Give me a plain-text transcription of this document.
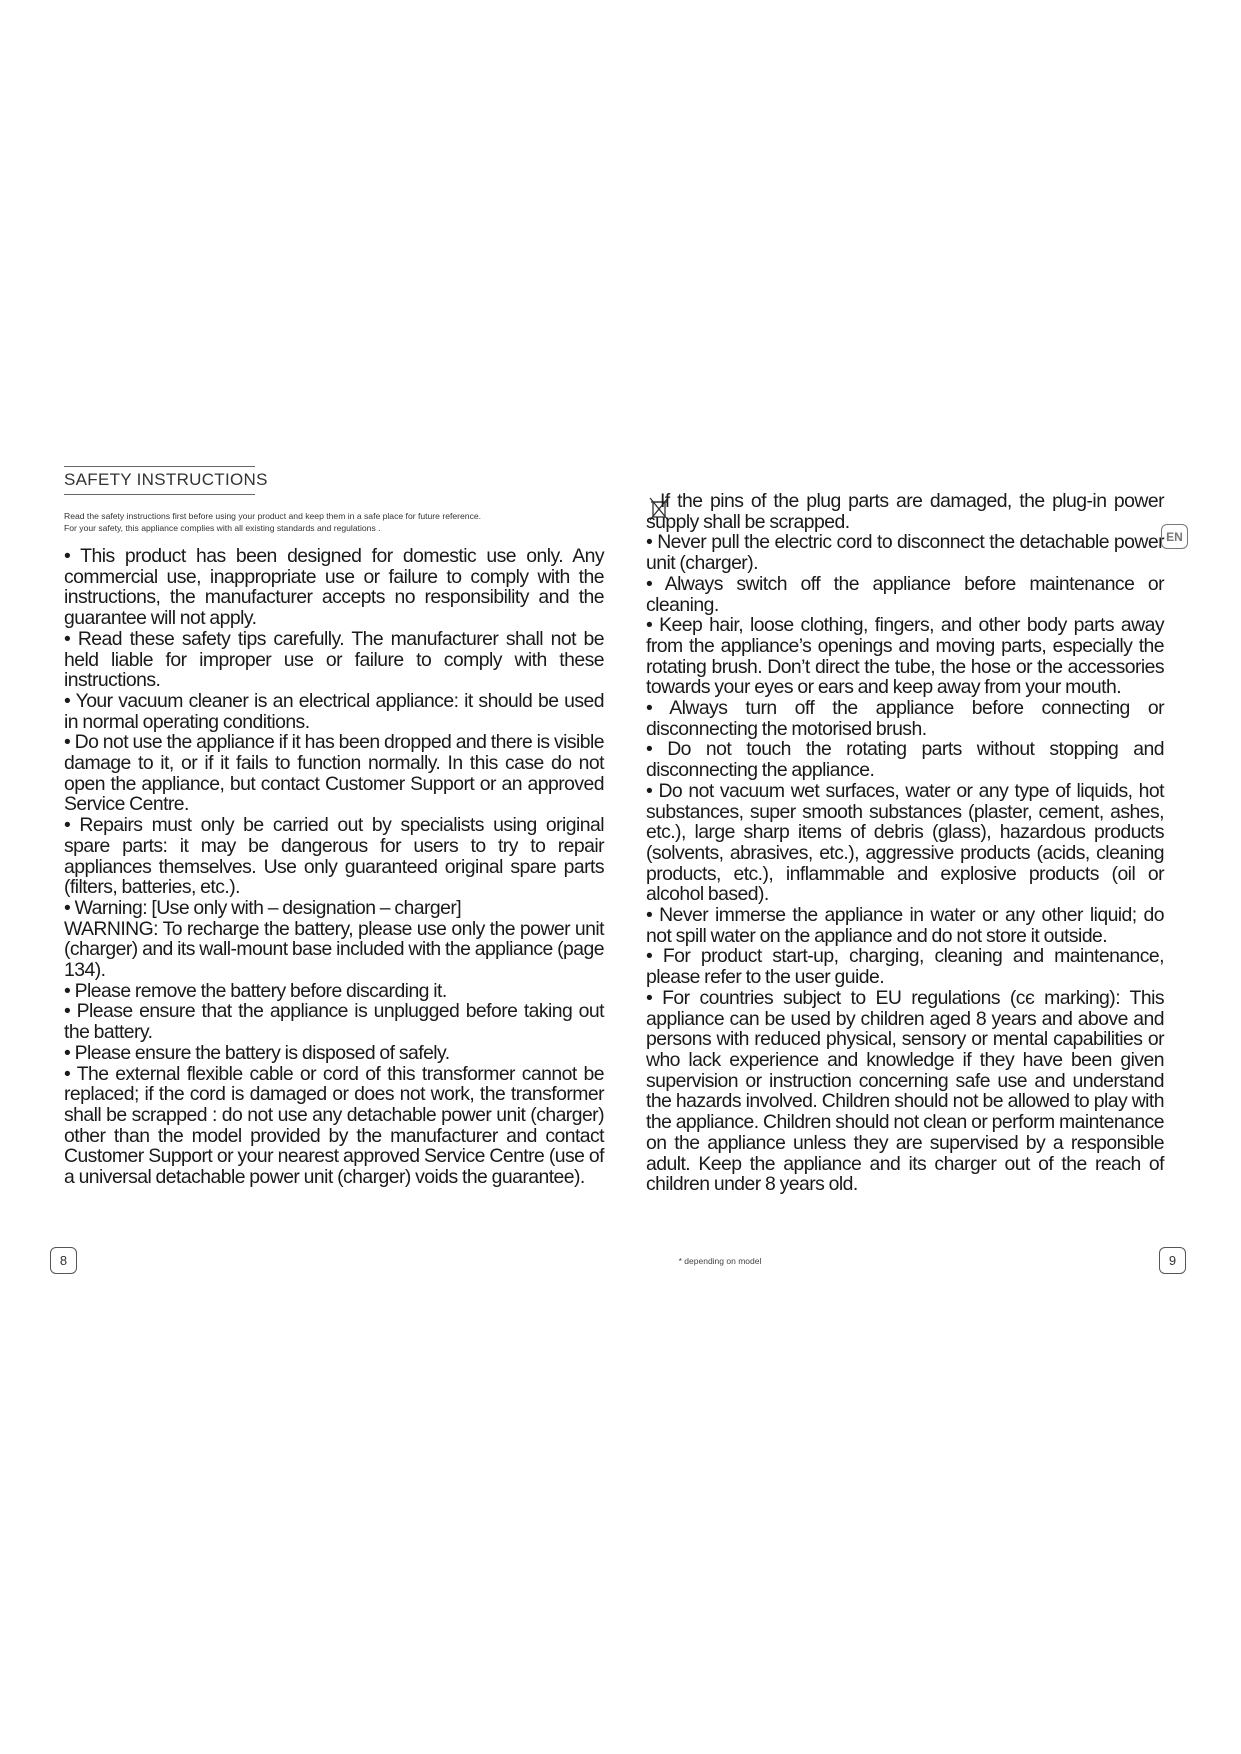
SAFETY INSTRUCTIONS

Read the safety instructions first before using your product and keep them in a safe place for future reference.

For your safety, this appliance complies with all existing standards and regulations .

• This product has been designed for domestic use only. Any commercial use, inappropriate use or failure to comply with the instructions, the manufacturer accepts no responsibility and the guarantee will not apply.

• Read these safety tips carefully. The manufacturer shall not be held liable for improper use or failure to comply with these instructions.

• Your vacuum cleaner is an electrical appliance: it should be used in normal operating conditions.

• Do not use the appliance if it has been dropped and there is visible damage to it, or if it fails to function normally. In this case do not open the appliance, but contact Customer Support or an approved Service Centre.

• Repairs must only be carried out by specialists using original spare parts: it may be dangerous for users to try to repair appliances themselves. Use only guaranteed original spare parts (filters, batteries, etc.).

• Warning: [Use only with – designation – charger]

WARNING: To recharge the battery, please use only the power unit (charger) and its wall-mount base included with the appliance (page 134).

• Please remove the battery before discarding it.

• Please ensure that the appliance is unplugged before taking out the battery.

• Please ensure the battery is disposed of safely.

• The external flexible cable or cord of this transformer cannot be replaced; if the cord is damaged or does not work, the transformer shall be scrapped : do not use any detachable power unit (charger) other than the model provided by the manufacturer and contact Customer Support or your nearest approved Service Centre (use of a universal detachable power unit (charger) voids the guarantee).

If the pins of the plug parts are damaged, the plug-in power supply shall be scrapped.

• Never pull the electric cord to disconnect the detachable power unit (charger).

• Always switch off the appliance before maintenance or cleaning.

• Keep hair, loose clothing, fingers, and other body parts away from the appliance’s openings and moving parts, especially the rotating brush. Don’t direct the tube, the hose or the accessories towards your eyes or ears and keep away from your mouth.

• Always turn off the appliance before connecting or disconnecting the motorised brush.

• Do not touch the rotating parts without stopping and disconnecting the appliance.

• Do not vacuum wet surfaces, water or any type of liquids, hot substances, super smooth substances (plaster, cement, ashes, etc.), large sharp items of debris (glass), hazardous products (solvents, abrasives, etc.), aggressive products (acids, cleaning products, etc.), inflammable and explosive products (oil or alcohol based).

• Never immerse the appliance in water or any other liquid; do not spill water on the appliance and do not store it outside.

• For product start-up, charging, cleaning and maintenance, please refer to the user guide.

• For countries subject to EU regulations (cє marking): This appliance can be used by children aged 8 years and above and persons with reduced physical, sensory or mental capabilities or who lack experience and knowledge if they have been given supervision or instruction concerning safe use and understand the hazards involved. Children should not be allowed to play with the appliance. Children should not clean or perform maintenance on the appliance unless they are supervised by a responsible adult. Keep the appliance and its charger out of the reach of children under 8 years old.

EN
8	* depending on model	9
